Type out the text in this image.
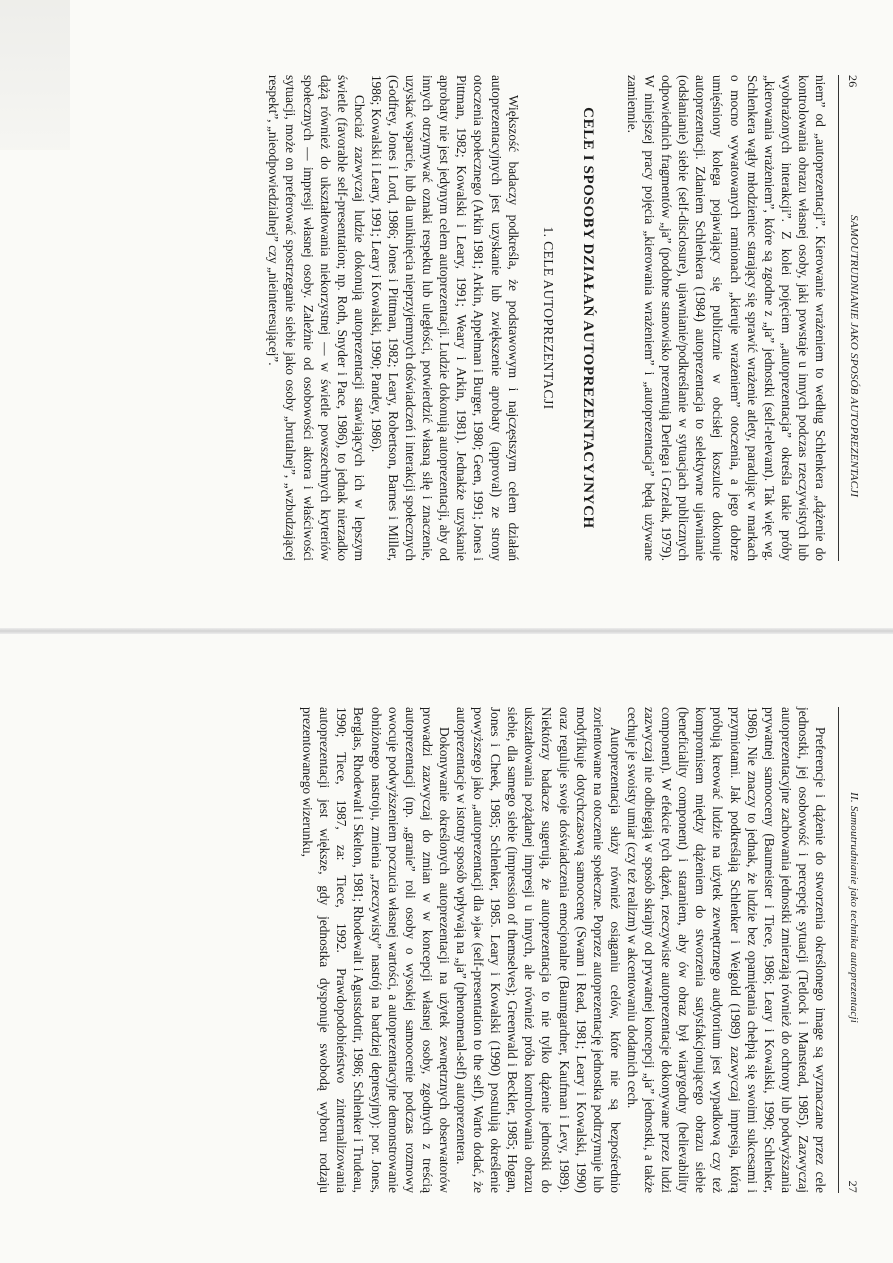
26
SAMOUTRUDNIANIE JAKO SPOSÓB AUTOPREZENTACJI

niem” od „autoprezentacji”. Kierowanie wrażeniem to według Schlenkera „dążenie do kontrolowania obrazu własnej osoby, jaki powstaje u innych podczas rzeczywistych lub wyobrażonych interakcji”. Z kolei pojęciem „autoprezentacja” określa takie próby „kierowania wrażeniem”, które są zgodne z „ja” jednostki (self-relevant). Tak więc wg. Schlenkera wątły młodzieniec starający się sprawić wrażenie atlety, paradując w markach o mocno wywatowanych ramionach „kieruje wrażeniem” otoczenia, a jego dobrze umięśniony kolega pojawiający się publicznie w obcisłej koszulce dokonuje autoprezentacji. Zdaniem Schlenkera (1984) autoprezentacja to selektywne ujawnianie (odsłanianie) siebie (self-disclosure), ujawnianie/podkreślanie w sytuacjach publicznych odpowiednich fragmentów „ja” (podobne stanowisko prezentują Derlega i Grzelak, 1979). W niniejszej pracy pojęcia „kierowania wrażeniem” i „autoprezentacja” będą używane zamiennie.

CELE I SPOSOBY DZIAŁAŃ AUTOPREZENTACYJNYCH
1. CELE AUTOPREZENTACJI

Większość badaczy podkreśla, że podstawowym i najczęstszym celem działań autoprezentacyjnych jest uzyskanie lub zwiększenie aprobaty (approval) ze strony otoczenia społecznego (Arkin 1981; Arkin, Appelman i Burger, 1980; Geen, 1991; Jones i Pittman, 1982; Kowalski i Leary, 1991; Weary i Arkin, 1981). Jednakże uzyskanie aprobaty nie jest jedynym celem autoprezentacji. Ludzie dokonują autoprezentacji, aby od innych otrzymywać oznaki respektu lub uległości, potwierdzić własną siłę i znaczenie, uzyskać wsparcie, lub dla uniknięcia nieprzyjemnych doświadczeń i interakcji społecznych (Godfrey, Jones i Lord, 1986; Jones i Pittman, 1982; Leary, Robertson, Barnes i Miller, 1986; Kowalski i Leary, 1991; Leary i Kowalski, 1990; Pandey, 1986).

Chociaż zazwyczaj ludzie dokonują autoprezentacji stawiających ich w lepszym świetle (favorable self-presentation; np. Roth, Snyder i Pace, 1986), to jednak nierzadko dążą również do ukształtowania niekorzystnej — w świetle powszechnych kryteriów społecznych — impresji własnej osoby. Zależnie od osobowości aktora i właściwości sytuacji, może on preferować spostrzeganie siebie jako osoby „brutalnej”, „wzbudzającej respekt”, „nieodpowiedzialnej” czy „nieinteresującej”.

II. Samoutrudnianie jako technika autoprezentacji
27

Preferencje i dążenie do stworzenia określonego image są wyznaczane przez cele jednostki, jej osobowość i percepcję sytuacji (Tetlock i Manstead, 1985). Zazwyczaj autoprezentacyjne zachowania jednostki zmierzają również do ochrony lub podwyższania prywatnej samooceny (Baumeister i Tiece, 1986; Leary i Kowalski, 1990; Schlenker, 1986). Nie znaczy to jednak, że ludzie bez opamiętania chełpią się swoimi sukcesami i przymiotami. Jak podkreślają Schlenker i Weigold (1989) zazwyczaj impresja, którą próbują kreować ludzie na użytek zewnętrznego audytorium jest wypadkową czy też kompromisem między dążeniem do stworzenia satysfakcjonującego obrazu siebie (beneficiality component) i staraniem, aby ów obraz był wiarygodny (believability component). W efekcie tych dążeń, rzeczywiste autoprezentacje dokonywane przez ludzi zazwyczaj nie odbiegają w sposób skrajny od prywatnej koncepcji „ja” jednostki, a także cechuje je swoisty umiar (czy też realizm) w akcentowaniu dodatnich cech.

Autoprezentacja służy również osiąganiu celów, które nie są bezpośrednio zorientowane na otoczenie społeczne. Poprzez autoprezentację jednostka podtrzymuje lub modyfikuje dotychczasową samoocenę (Swann i Read, 1981; Leary i Kowalski, 1990) oraz reguluje swoje doświadczenia emocjonalne (Baumgardner, Kaufman i Levy, 1989). Niektórzy badacze sugerują, że autoprezentacja to nie tylko dążenie jednostki do ukształtowania pożądanej impresji u innych, ale również próba kontrolowania obrazu siebie, dla samego siebie (impression of themselves); Greenwald i Beckler, 1985; Hogan, Jones i Cheek, 1985; Schlenker, 1985. Leary i Kowalski (1990) postulują określenie powyższego jako „autoprezentacji dla »ja« (self-presentation to the self). Warto dodać, że autoprezentacje w istotny sposób wpływają na „ja” (phenomenal-self) autoprezentera.

Dokonywanie określonych autoprezentacji na użytek zewnętrznych obserwatorów prowadzi zazwyczaj do zmian w w koncepcji własnej osoby, zgodnych z treścią autoprezentacji (np. „granie” roli osoby o wysokiej samoocenie podczas rozmowy owocuje podwyższeniem poczucia własnej wartości, a autoprezentacyjne demonstrowanie obniżonego nastroju, zmienia „rzeczywisty” nastrój na bardziej depresyjny): por. Jones, Berglas, Rhodewalt i Skelton, 1981; Rhodewalt i Agustsdottir, 1986; Schlenker i Trudeau, 1990; Tiece, 1987, za: Tiece, 1992. Prawdopodobieństwo zinternalizowania autoprezentacji jest większe, gdy jednostka dysponuje swobodą wyboru rodzaju prezentowanego wizerunku,
